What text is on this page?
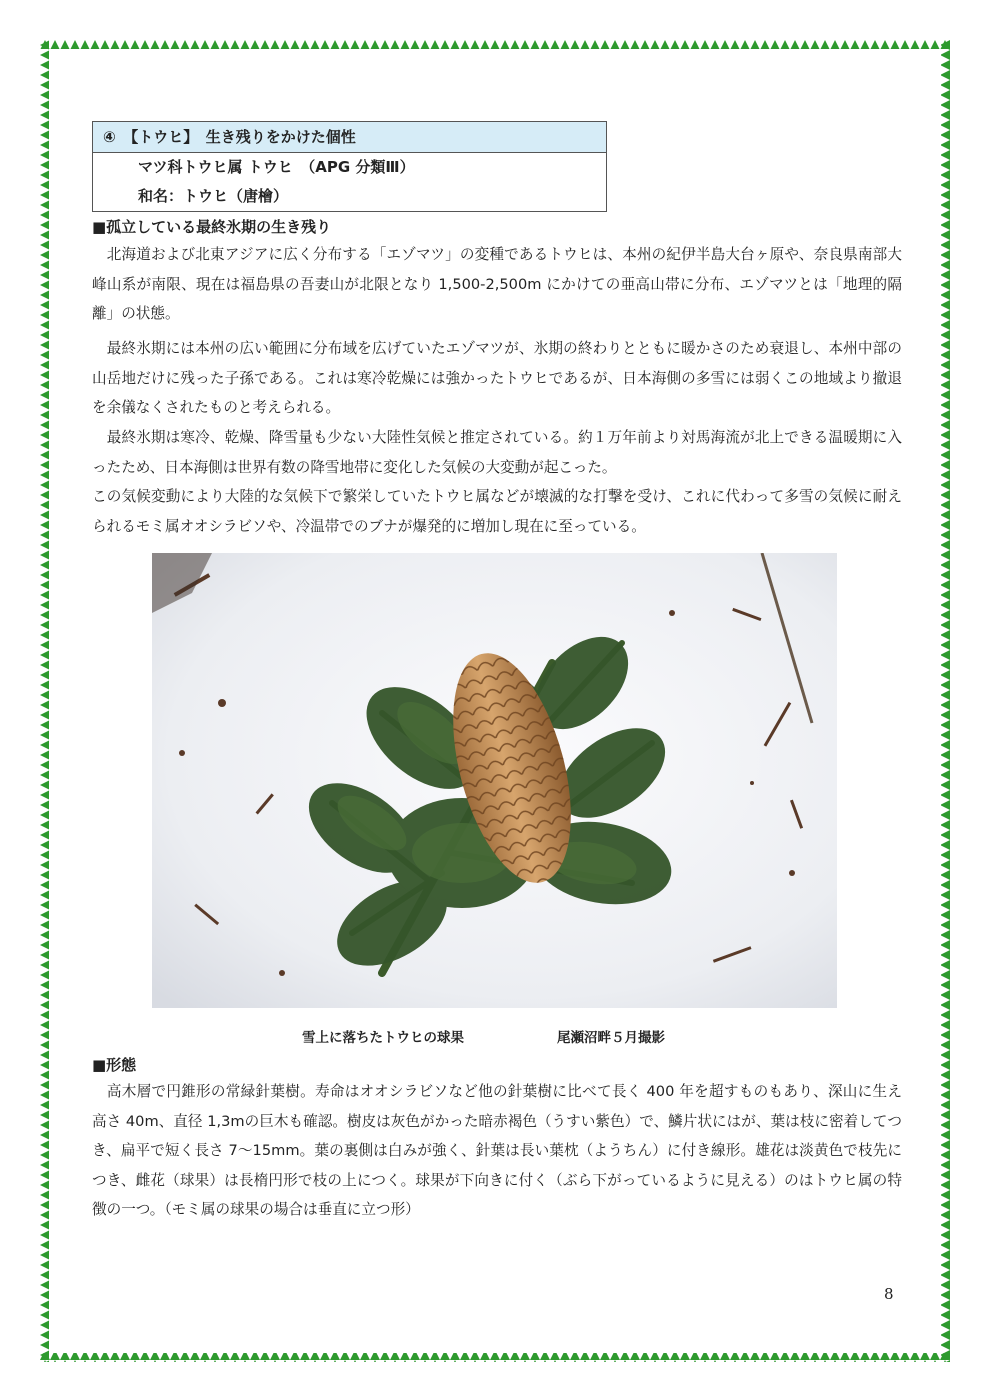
④　【トウヒ】　生き残りをかけた個性
マツ科トウヒ属 トウヒ　（APG 分類Ⅲ）
和名：トウヒ（唐檜）
■孤立している最終氷期の生き残り

　北海道および北東アジアに広く分布する「エゾマツ」の変種であるトウヒは、本州の紀伊半島大台ヶ原や、奈良県南部大峰山系が南限、現在は福島県の吾妻山が北限となり 1,500-2,500m にかけての亜高山帯に分布、エゾマツとは「地理的隔離」の状態。

　最終氷期には本州の広い範囲に分布域を広げていたエゾマツが、氷期の終わりとともに暖かさのため衰退し、本州中部の山岳地だけに残った子孫である。これは寒冷乾燥には強かったトウヒであるが、日本海側の多雪には弱くこの地域より撤退を余儀なくされたものと考えられる。

　最終氷期は寒冷、乾燥、降雪量も少ない大陸性気候と推定されている。約１万年前より対馬海流が北上できる温暖期に入ったため、日本海側は世界有数の降雪地帯に変化した気候の大変動が起こった。

この気候変動により大陸的な気候下で繁栄していたトウヒ属などが壊滅的な打撃を受け、これに代わって多雪の気候に耐えられるモミ属オオシラビソや、冷温帯でのブナが爆発的に増加し現在に至っている。

雪上に落ちたトウヒの球果	尾瀬沼畔５月撮影
■形態

　高木層で円錐形の常緑針葉樹。寿命はオオシラビソなど他の針葉樹に比べて長く 400 年を超すものもあり、深山に生え高さ 40m、直径 1,3mの巨木も確認。樹皮は灰色がかった暗赤褐色（うすい紫色）で、鱗片状にはが、葉は枝に密着してつき、扁平で短く長さ 7〜15mm。葉の裏側は白みが強く、針葉は長い葉枕（ようちん）に付き線形。雄花は淡黄色で枝先につき、雌花（球果）は長楕円形で枝の上につく。球果が下向きに付く（ぶら下がっているように見える）のはトウヒ属の特徴の一つ。（モミ属の球果の場合は垂直に立つ形）

8
